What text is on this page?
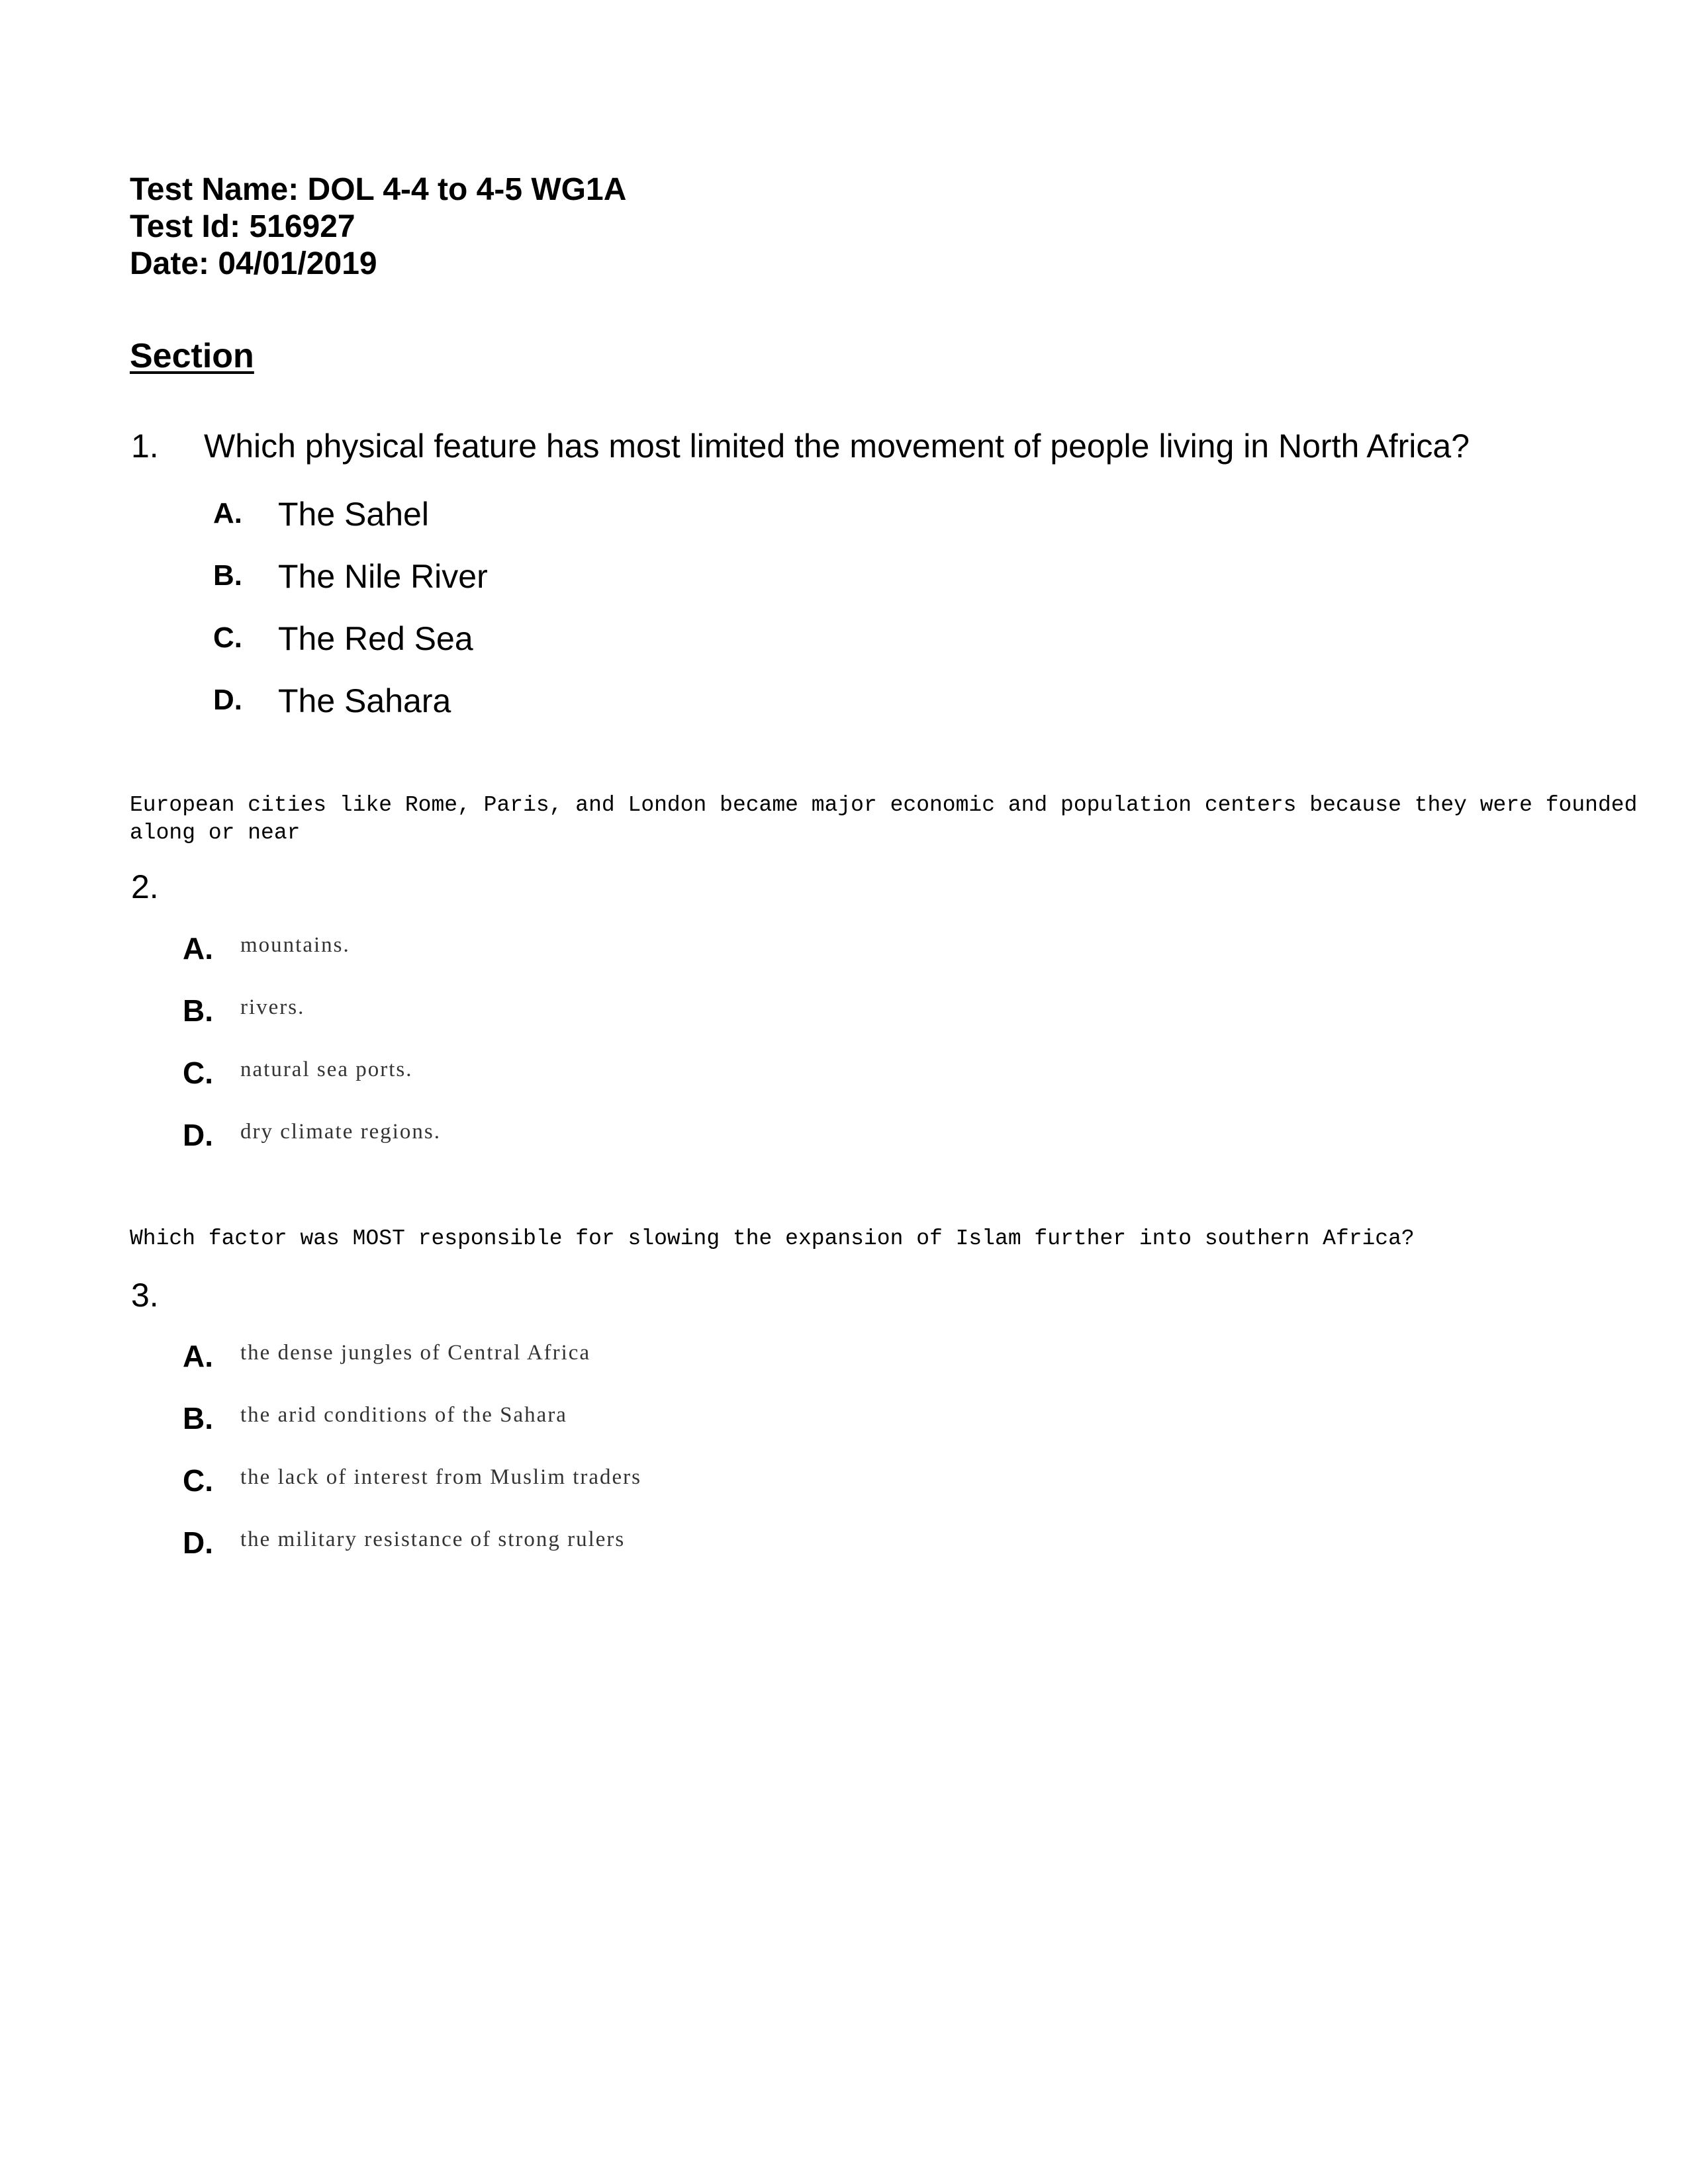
Test Name: DOL 4-4 to 4-5 WG1A
Test Id: 516927
Date: 04/01/2019
Section
1. Which physical feature has most limited the movement of people living in North Africa?
A. The Sahel
B. The Nile River
C. The Red Sea
D. The Sahara
European cities like Rome, Paris, and London became major economic and population centers because they were founded along or near
2.
A. mountains.
B. rivers.
C. natural sea ports.
D. dry climate regions.
Which factor was MOST responsible for slowing the expansion of Islam further into southern Africa?
3.
A. the dense jungles of Central Africa
B. the arid conditions of the Sahara
C. the lack of interest from Muslim traders
D. the military resistance of strong rulers
